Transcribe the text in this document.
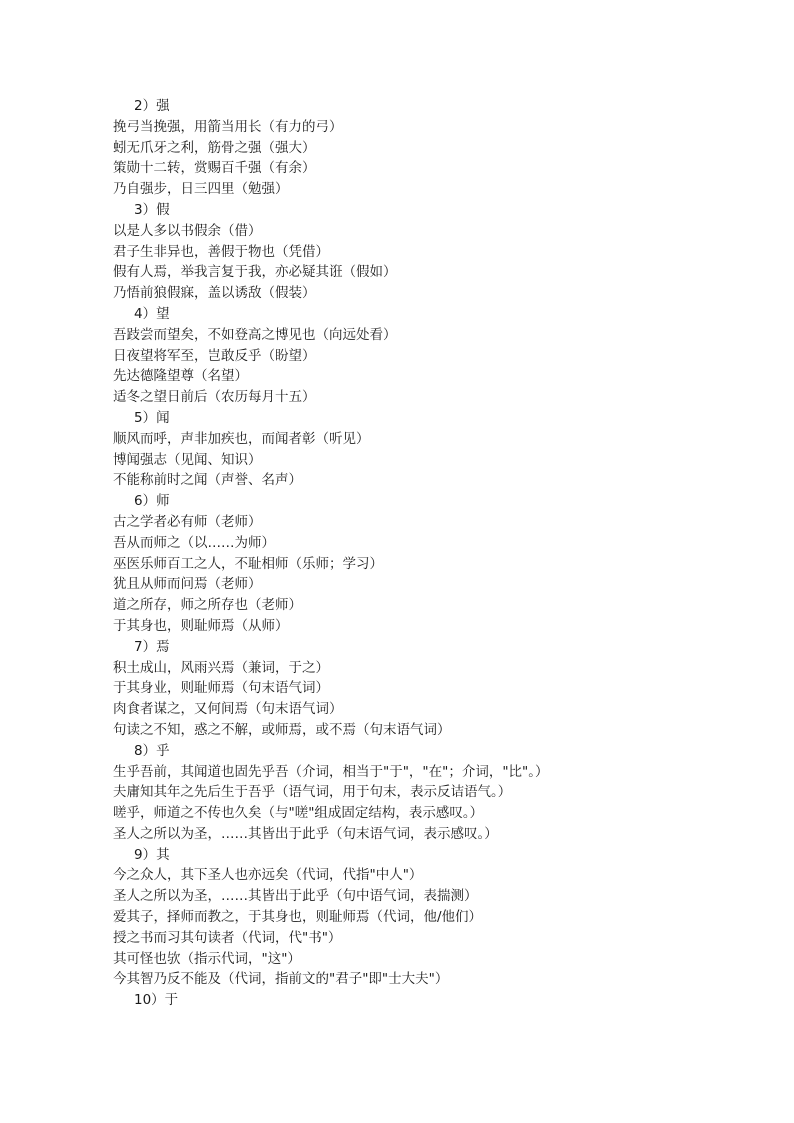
2）强
挽弓当挽强，用箭当用长（有力的弓）
蚓无爪牙之利，筋骨之强（强大）
策勋十二转，赏赐百千强（有余）
乃自强步，日三四里（勉强）
3）假
以是人多以书假余（借）
君子生非异也，善假于物也（凭借）
假有人焉，举我言复于我，亦必疑其诳（假如）
乃悟前狼假寐，盖以诱敌（假装）
4）望
吾跂尝而望矣，不如登高之博见也（向远处看）
日夜望将军至，岂敢反乎（盼望）
先达德隆望尊（名望）
适冬之望日前后（农历每月十五）
5）闻
顺风而呼，声非加疾也，而闻者彰（听见）
博闻强志（见闻、知识）
不能称前时之闻（声誉、名声）
6）师
古之学者必有师（老师）
吾从而师之（以……为师）
巫医乐师百工之人，不耻相师（乐师；学习）
犹且从师而问焉（老师）
道之所存，师之所存也（老师）
于其身也，则耻师焉（从师）
7）焉
积土成山，风雨兴焉（兼词，于之）
于其身业，则耻师焉（句末语气词）
肉食者谋之，又何间焉（句末语气词）
句读之不知，惑之不解，或师焉，或不焉（句末语气词）
8）乎
生乎吾前，其闻道也固先乎吾（介词，相当于"于"，"在"；介词，"比"。）
夫庸知其年之先后生于吾乎（语气词，用于句末，表示反诘语气。）
嗟乎，师道之不传也久矣（与"嗟"组成固定结构，表示感叹。）
圣人之所以为圣，……其皆出于此乎（句末语气词，表示感叹。）
9）其
今之众人，其下圣人也亦远矣（代词，代指"中人"）
圣人之所以为圣，……其皆出于此乎（句中语气词，表揣测）
爱其子，择师而教之，于其身也，则耻师焉（代词，他/他们）
授之书而习其句读者（代词，代"书"）
其可怪也欤（指示代词，"这"）
今其智乃反不能及（代词，指前文的"君子"即"士大夫"）
10）于
